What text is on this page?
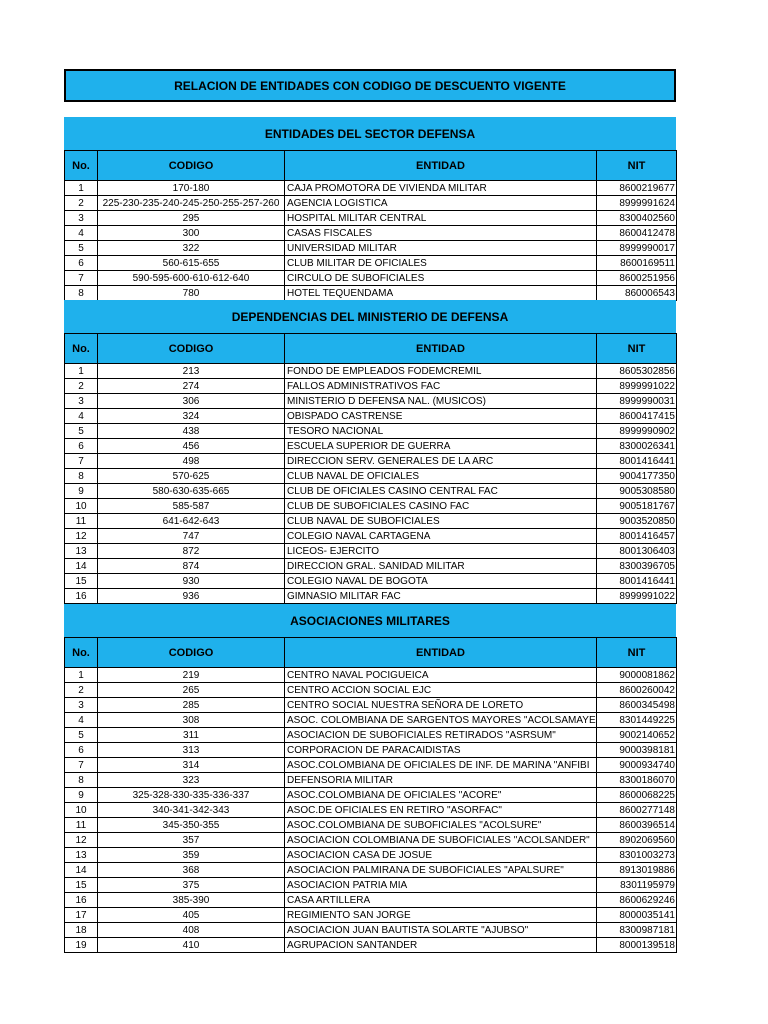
RELACION DE ENTIDADES CON CODIGO DE DESCUENTO VIGENTE
ENTIDADES DEL SECTOR DEFENSA
No.	CODIGO	ENTIDAD	NIT
1	170-180	CAJA PROMOTORA DE VIVIENDA MILITAR	8600219677
2	225-230-235-240-245-250-255-257-260	AGENCIA LOGISTICA	8999991624
3	295	HOSPITAL MILITAR CENTRAL	8300402560
4	300	CASAS FISCALES	8600412478
5	322	UNIVERSIDAD MILITAR	8999990017
6	560-615-655	CLUB MILITAR DE OFICIALES	8600169511
7	590-595-600-610-612-640	CIRCULO DE SUBOFICIALES	8600251956
8	780	HOTEL TEQUENDAMA	860006543
DEPENDENCIAS DEL MINISTERIO DE DEFENSA
No.	CODIGO	ENTIDAD	NIT
1	213	FONDO DE EMPLEADOS FODEMCREMIL	8605302856
2	274	FALLOS ADMINISTRATIVOS FAC	8999991022
3	306	MINISTERIO D DEFENSA NAL. (MUSICOS)	8999990031
4	324	OBISPADO CASTRENSE	8600417415
5	438	TESORO NACIONAL	8999990902
6	456	ESCUELA SUPERIOR DE GUERRA	8300026341
7	498	DIRECCION SERV. GENERALES DE LA ARC	8001416441
8	570-625	CLUB NAVAL DE OFICIALES	9004177350
9	580-630-635-665	CLUB DE OFICIALES CASINO CENTRAL FAC	9005308580
10	585-587	CLUB DE SUBOFICIALES CASINO FAC	9005181767
11	641-642-643	CLUB NAVAL DE SUBOFICIALES	9003520850
12	747	COLEGIO NAVAL CARTAGENA	8001416457
13	872	LICEOS- EJERCITO	8001306403
14	874	DIRECCION GRAL. SANIDAD MILITAR	8300396705
15	930	COLEGIO NAVAL DE BOGOTA	8001416441
16	936	GIMNASIO MILITAR FAC	8999991022
ASOCIACIONES MILITARES
No.	CODIGO	ENTIDAD	NIT
1	219	CENTRO NAVAL POCIGUEICA	9000081862
2	265	CENTRO ACCION SOCIAL EJC	8600260042
3	285	CENTRO SOCIAL NUESTRA SEÑORA DE LORETO	8600345498
4	308	ASOC. COLOMBIANA DE SARGENTOS MAYORES "ACOLSAMAYE	8301449225
5	311	ASOCIACION DE SUBOFICIALES RETIRADOS "ASRSUM"	9002140652
6	313	CORPORACION DE PARACAIDISTAS	9000398181
7	314	ASOC.COLOMBIANA DE OFICIALES DE INF. DE MARINA "ANFIBI	9000934740
8	323	DEFENSORIA MILITAR	8300186070
9	325-328-330-335-336-337	ASOC.COLOMBIANA DE OFICIALES "ACORE"	8600068225
10	340-341-342-343	ASOC.DE OFICIALES EN RETIRO "ASORFAC"	8600277148
11	345-350-355	ASOC.COLOMBIANA DE SUBOFICIALES "ACOLSURE"	8600396514
12	357	ASOCIACION COLOMBIANA DE SUBOFICIALES "ACOLSANDER"	8902069560
13	359	ASOCIACION CASA DE JOSUE	8301003273
14	368	ASOCIACION PALMIRANA DE SUBOFICIALES "APALSURE"	8913019886
15	375	ASOCIACION PATRIA MIA	8301195979
16	385-390	CASA ARTILLERA	8600629246
17	405	REGIMIENTO SAN JORGE	8000035141
18	408	ASOCIACION JUAN BAUTISTA SOLARTE "AJUBSO"	8300987181
19	410	AGRUPACION SANTANDER	8000139518
